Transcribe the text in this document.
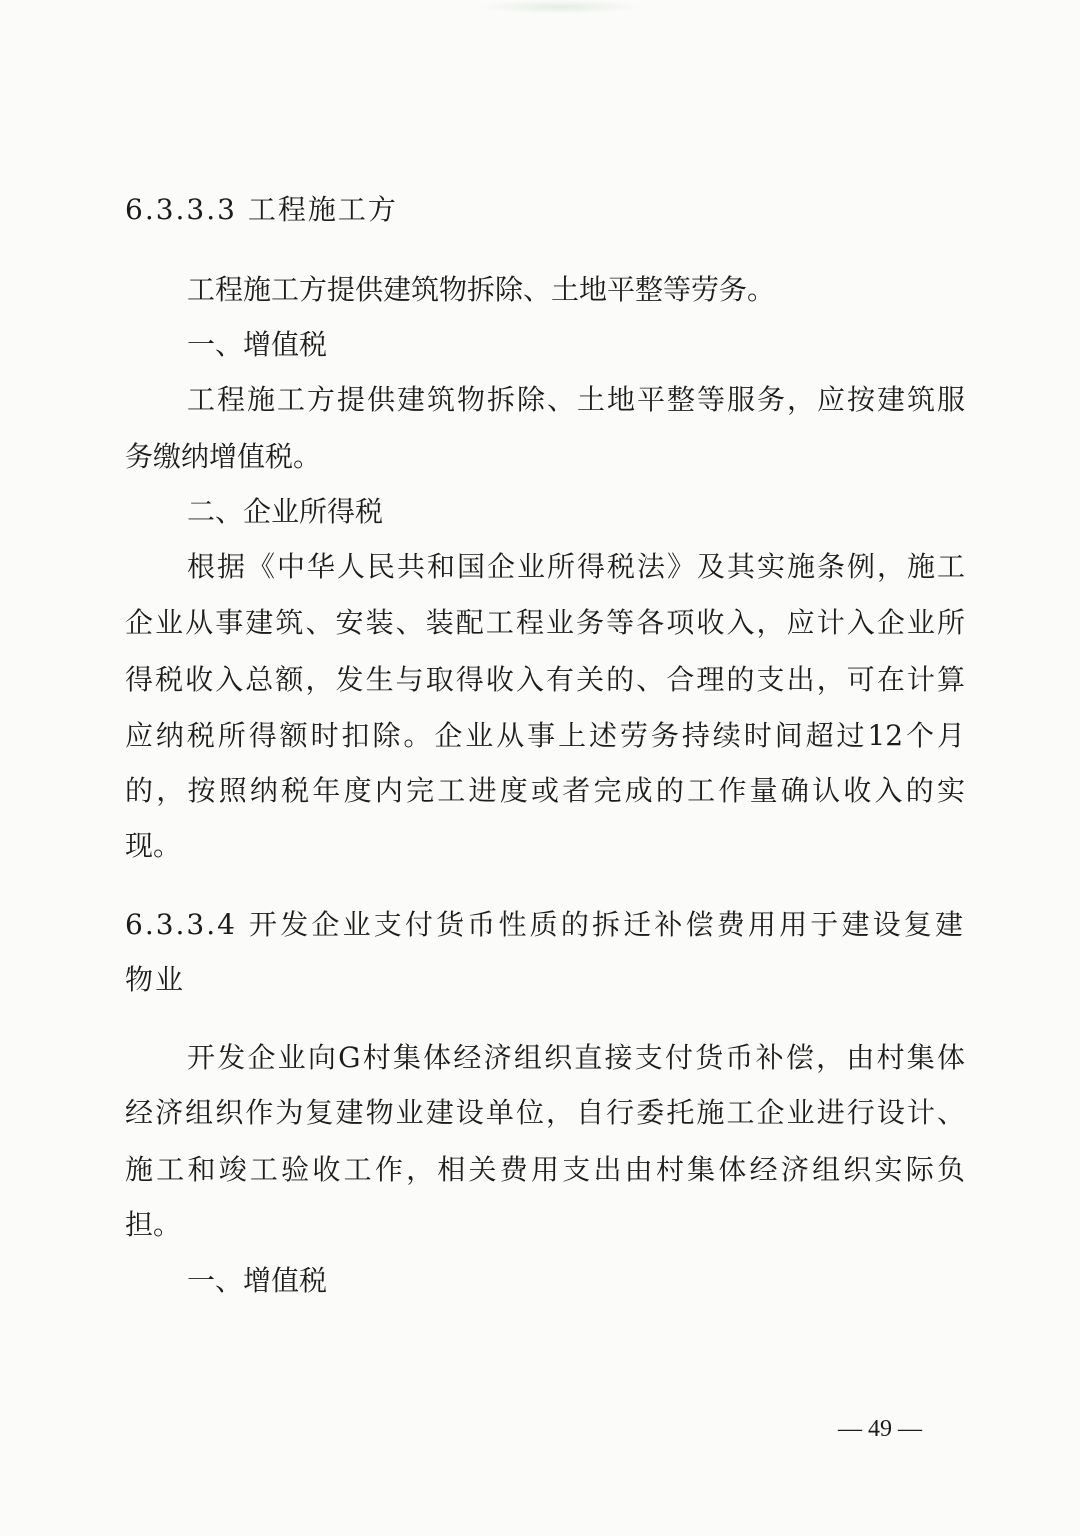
6.3.3.3 工程施工方
工程施工方提供建筑物拆除、土地平整等劳务。
一、增值税
工程施工方提供建筑物拆除、土地平整等服务，应按建筑服
务缴纳增值税。
二、企业所得税
根据《中华人民共和国企业所得税法》及其实施条例，施工
企业从事建筑、安装、装配工程业务等各项收入，应计入企业所
得税收入总额，发生与取得收入有关的、合理的支出，可在计算
应纳税所得额时扣除。企业从事上述劳务持续时间超过12个月
的，按照纳税年度内完工进度或者完成的工作量确认收入的实
现。
6.3.3.4 开发企业支付货币性质的拆迁补偿费用用于建设复建
物业
开发企业向G村集体经济组织直接支付货币补偿，由村集体
经济组织作为复建物业建设单位，自行委托施工企业进行设计、
施工和竣工验收工作，相关费用支出由村集体经济组织实际负
担。
一、增值税
— 49 —
